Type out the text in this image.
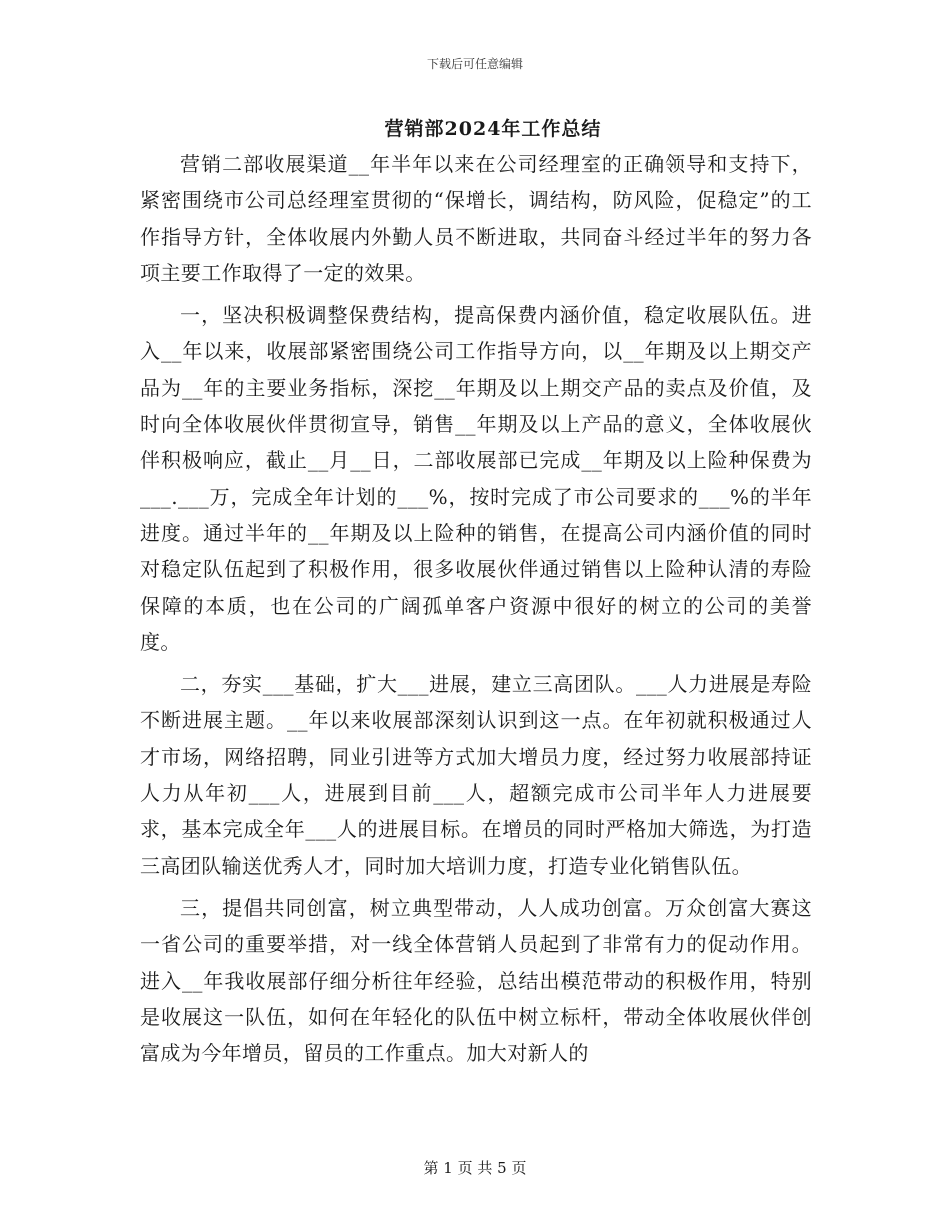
下载后可任意编辑
营销部2024年工作总结

营销二部收展渠道__年半年以来在公司经理室的正确领导和支持下，紧密围绕市公司总经理室贯彻的“保增长，调结构，防风险，促稳定”的工作指导方针，全体收展内外勤人员不断进取，共同奋斗经过半年的努力各项主要工作取得了一定的效果。

一，坚决积极调整保费结构，提高保费内涵价值，稳定收展队伍。进入__年以来，收展部紧密围绕公司工作指导方向，以__年期及以上期交产品为__年的主要业务指标，深挖__年期及以上期交产品的卖点及价值，及时向全体收展伙伴贯彻宣导，销售__年期及以上产品的意义，全体收展伙伴积极响应，截止__月__日，二部收展部已完成__年期及以上险种保费为___.___万，完成全年计划的___%，按时完成了市公司要求的___%的半年进度。通过半年的__年期及以上险种的销售，在提高公司内涵价值的同时对稳定队伍起到了积极作用，很多收展伙伴通过销售以上险种认清的寿险保障的本质，也在公司的广阔孤单客户资源中很好的树立的公司的美誉度。

二，夯实___基础，扩大___进展，建立三高团队。___人力进展是寿险不断进展主题。__年以来收展部深刻认识到这一点。在年初就积极通过人才市场，网络招聘，同业引进等方式加大增员力度，经过努力收展部持证人力从年初___人，进展到目前___人，超额完成市公司半年人力进展要求，基本完成全年___人的进展目标。在增员的同时严格加大筛选，为打造三高团队输送优秀人才，同时加大培训力度，打造专业化销售队伍。

三，提倡共同创富，树立典型带动，人人成功创富。万众创富大赛这一省公司的重要举措，对一线全体营销人员起到了非常有力的促动作用。进入__年我收展部仔细分析往年经验，总结出模范带动的积极作用，特别是收展这一队伍，如何在年轻化的队伍中树立标杆，带动全体收展伙伴创富成为今年增员，留员的工作重点。加大对新人的

第 1 页 共 5 页
